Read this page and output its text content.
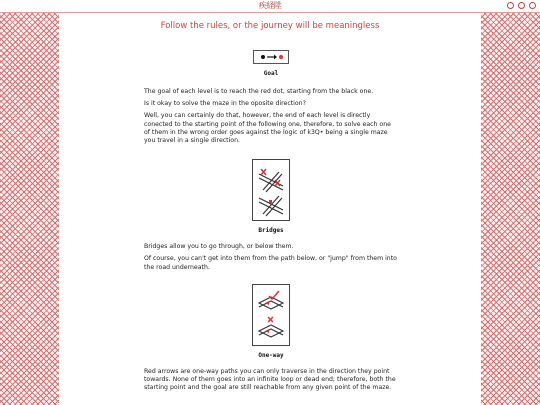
疾経陞
Follow the rules, or the journey will be meaningless
Goal

The goal of each level is to reach the red dot, starting from the black one.

Is it okay to solve the maze in the oposite direction?

Well, you can certainly do that, however, the end of each level is directly conected to the starting point of the following one, therefore, to solve each one of them in the wrong order goes against the logic of k3Q• being a single maze you travel in a single direction.

Bridges

Bridges allow you to go through, or below them.

Of course, you can't get into them from the path below, or "jump" from them into the road underneath.

One-way

Red arrows are one-way paths you can only traverse in the direction they point towards. None of them goes into an infinite loop or dead end; therefore, both the starting point and the goal are still reachable from any given point of the maze.
